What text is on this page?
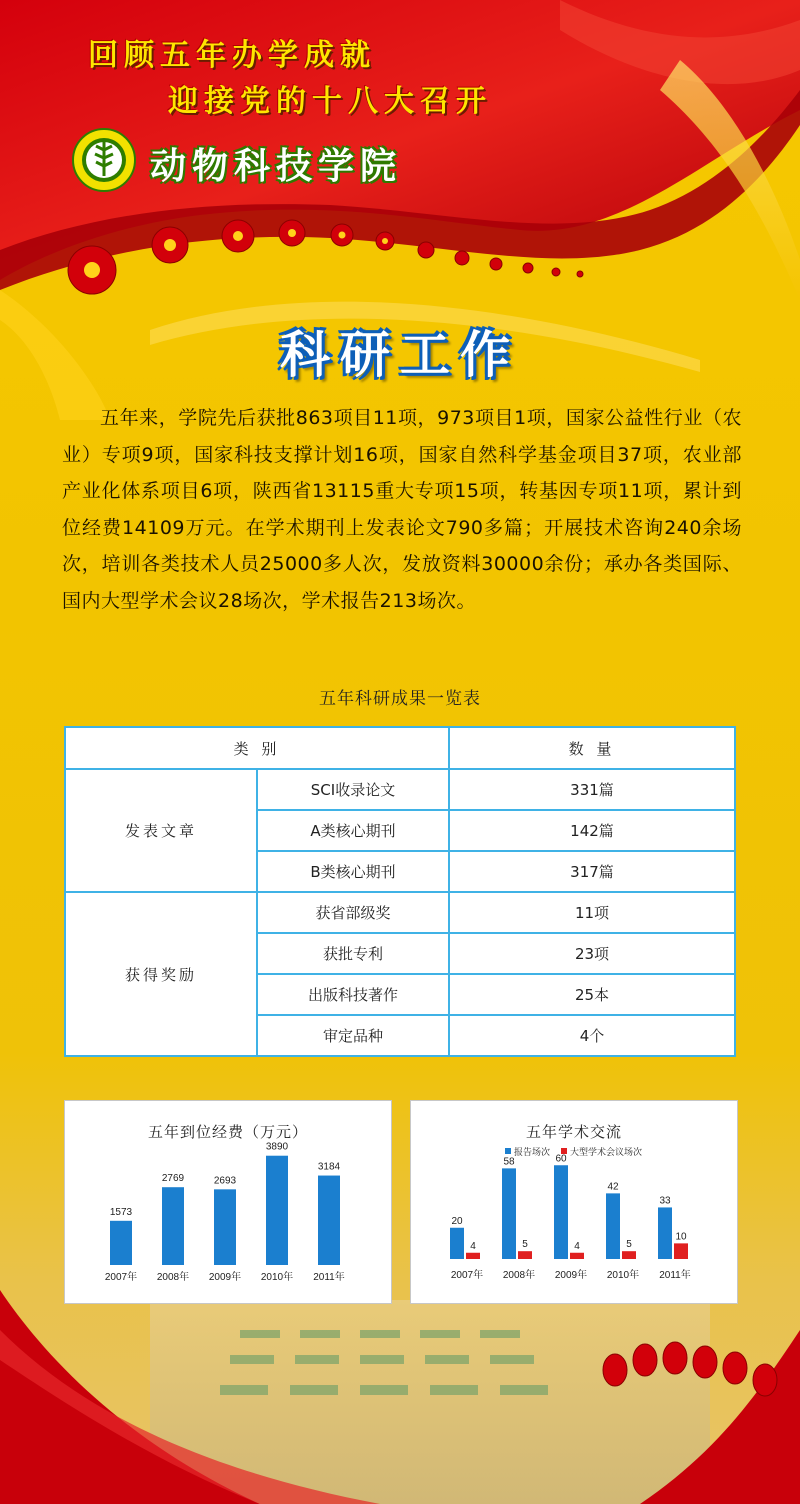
回顾五年办学成就
迎接党的十八大召开
动物科技学院
科研工作
五年来，学院先后获批863项目11项，973项目1项，国家公益性行业（农业）专项9项，国家科技支撑计划16项，国家自然科学基金项目37项，农业部产业化体系项目6项，陕西省13115重大专项15项，转基因专项11项，累计到位经费14109万元。在学术期刊上发表论文790多篇；开展技术咨询240余场次，培训各类技术人员25000多人次，发放资料30000余份；承办各类国际、国内大型学术会议28场次，学术报告213场次。
五年科研成果一览表
类 别		数 量
发表文章	SCI收录论文	331篇
	A类核心期刊	142篇
	B类核心期刊	317篇
获得奖励	获省部级奖	11项
	获批专利	23项
	出版科技著作	25本
	审定品种	4个
五年到位经费（万元）
1573
2007年
2769
2008年
2693
2009年
3890
2010年
3184
2011年
五年学术交流
报告场次 大型学术会议场次
20
4
2007年
58
5
2008年
60
4
2009年
42
5
2010年
33
10
2011年
